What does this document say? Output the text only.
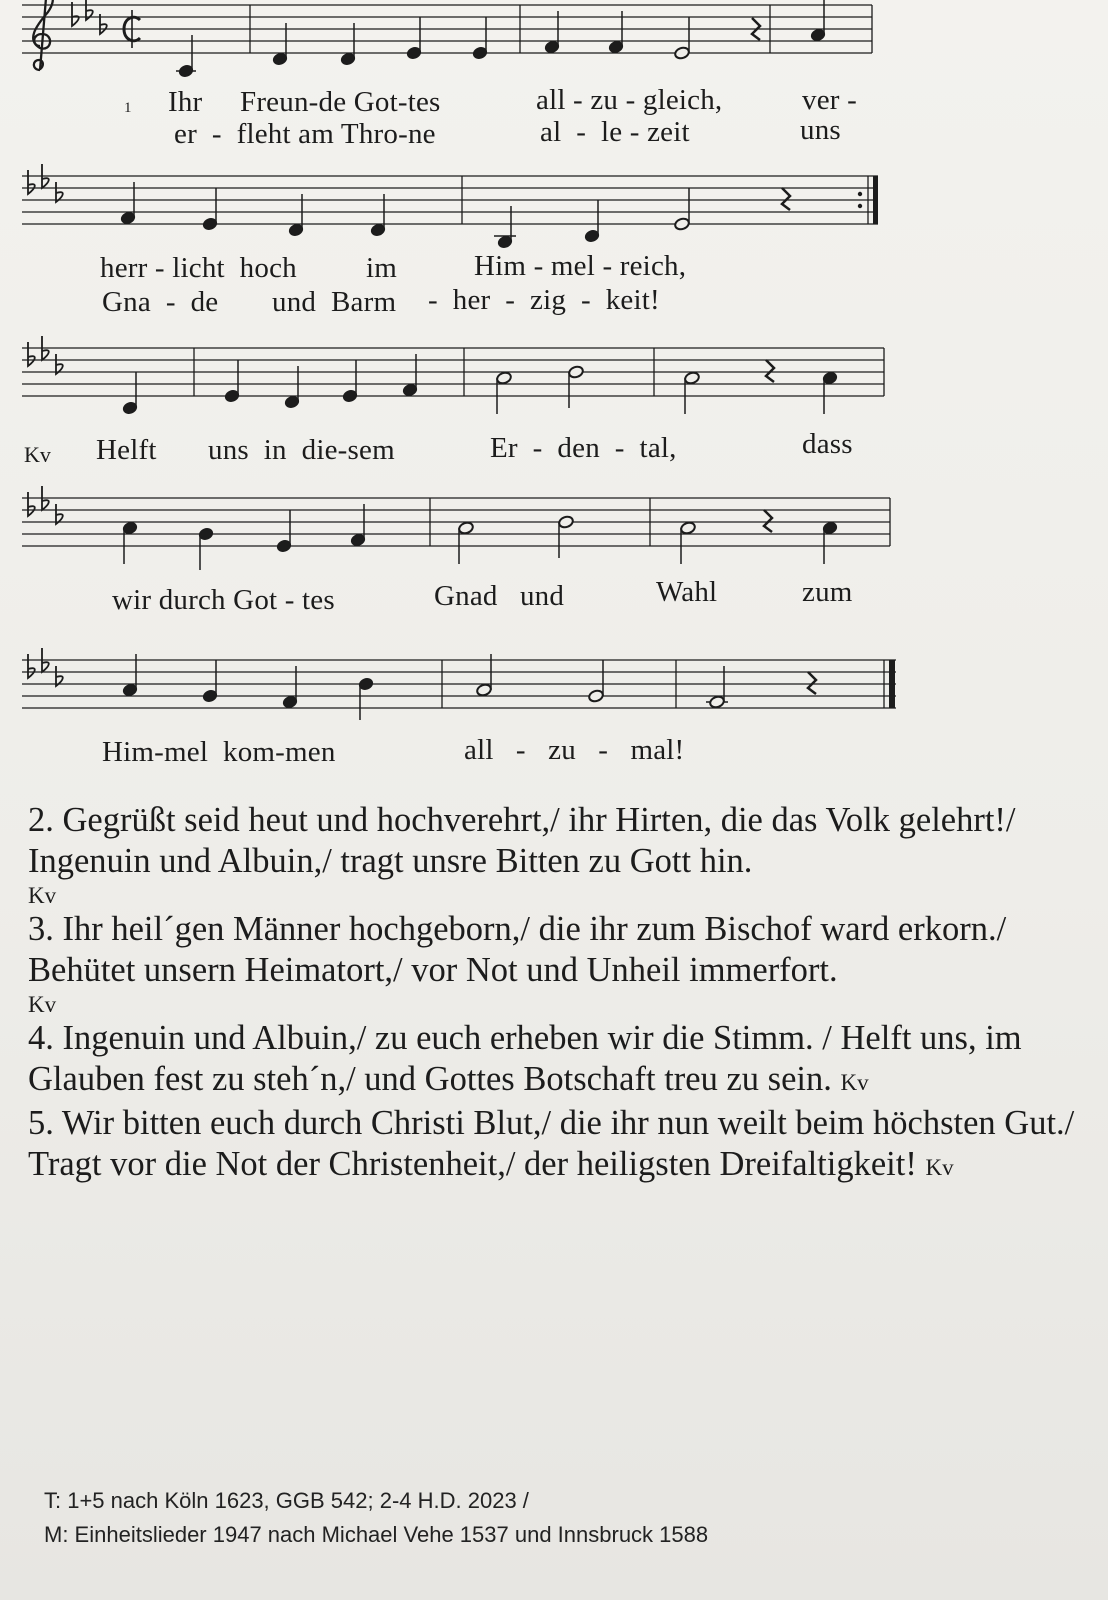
1 Ihr Freun-de Got-tes	all - zu - gleich,	ver -
er  -  fleht am Thro-ne	al  -  le - zeit	uns
herr - licht  hoch im	Him - mel - reich,
Gna  -  de und  Barm -  her  -  zig  -  keit!
Kv Helft uns  in  die-sem	Er  -  den  -  tal,	dass
wir durch Got - tes	Gnad   und	Wahl	zum
Him-mel  kom-men	all   -   zu   -   mal!

2. Gegrüßt seid heut und hochverehrt,/ ihr Hirten, die das Volk gelehrt!/ Ingenuin und Albuin,/ tragt unsre Bitten zu Gott hin.
Kv

3. Ihr heil´gen Männer hochgeborn,/ die ihr zum Bischof ward erkorn./ Behütet unsern Heimatort,/ vor Not und Unheil immerfort.
Kv

4. Ingenuin und Albuin,/ zu euch erheben wir die Stimm. / Helft uns, im Glauben fest zu steh´n,/ und Gottes Botschaft treu zu sein. Kv

5. Wir bitten euch durch Christi Blut,/ die ihr nun weilt beim höchsten Gut./ Tragt vor die Not der Christenheit,/ der heiligsten Dreifaltigkeit! Kv

T: 1+5 nach Köln 1623, GGB 542; 2-4 H.D. 2023 /
M: Einheitslieder 1947 nach Michael Vehe 1537 und Innsbruck 1588
